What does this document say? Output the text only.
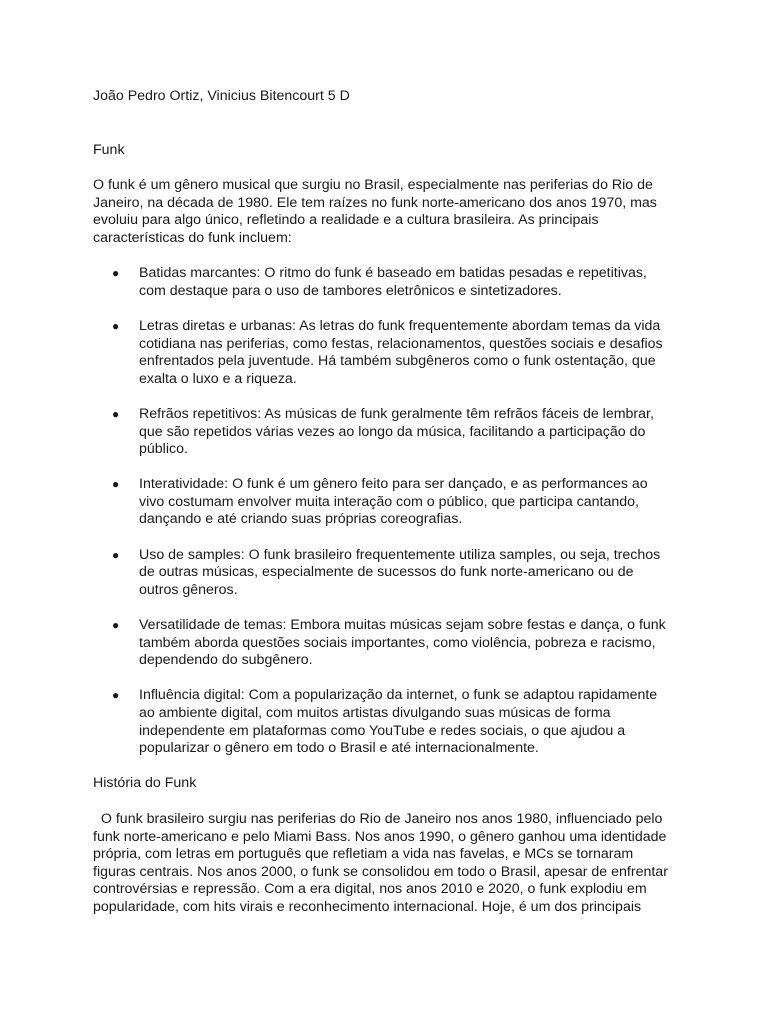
João Pedro Ortiz, Vinicius Bitencourt 5 D

Funk

O funk é um gênero musical que surgiu no Brasil, especialmente nas periferias do Rio de Janeiro, na década de 1980. Ele tem raízes no funk norte-americano dos anos 1970, mas evoluiu para algo único, refletindo a realidade e a cultura brasileira. As principais características do funk incluem:

● Batidas marcantes: O ritmo do funk é baseado em batidas pesadas e repetitivas, com destaque para o uso de tambores eletrônicos e sintetizadores.
● Letras diretas e urbanas: As letras do funk frequentemente abordam temas da vida cotidiana nas periferias, como festas, relacionamentos, questões sociais e desafios enfrentados pela juventude. Há também subgêneros como o funk ostentação, que exalta o luxo e a riqueza.
● Refrãos repetitivos: As músicas de funk geralmente têm refrãos fáceis de lembrar, que são repetidos várias vezes ao longo da música, facilitando a participação do público.
● Interatividade: O funk é um gênero feito para ser dançado, e as performances ao vivo costumam envolver muita interação com o público, que participa cantando, dançando e até criando suas próprias coreografias.
● Uso de samples: O funk brasileiro frequentemente utiliza samples, ou seja, trechos de outras músicas, especialmente de sucessos do funk norte-americano ou de outros gêneros.
● Versatilidade de temas: Embora muitas músicas sejam sobre festas e dança, o funk também aborda questões sociais importantes, como violência, pobreza e racismo, dependendo do subgênero.
● Influência digital: Com a popularização da internet, o funk se adaptou rapidamente ao ambiente digital, com muitos artistas divulgando suas músicas de forma independente em plataformas como YouTube e redes sociais, o que ajudou a popularizar o gênero em todo o Brasil e até internacionalmente.

História do Funk

O funk brasileiro surgiu nas periferias do Rio de Janeiro nos anos 1980, influenciado pelo funk norte-americano e pelo Miami Bass. Nos anos 1990, o gênero ganhou uma identidade própria, com letras em português que refletiam a vida nas favelas, e MCs se tornaram figuras centrais. Nos anos 2000, o funk se consolidou em todo o Brasil, apesar de enfrentar controvérsias e repressão. Com a era digital, nos anos 2010 e 2020, o funk explodiu em popularidade, com hits virais e reconhecimento internacional. Hoje, é um dos principais
